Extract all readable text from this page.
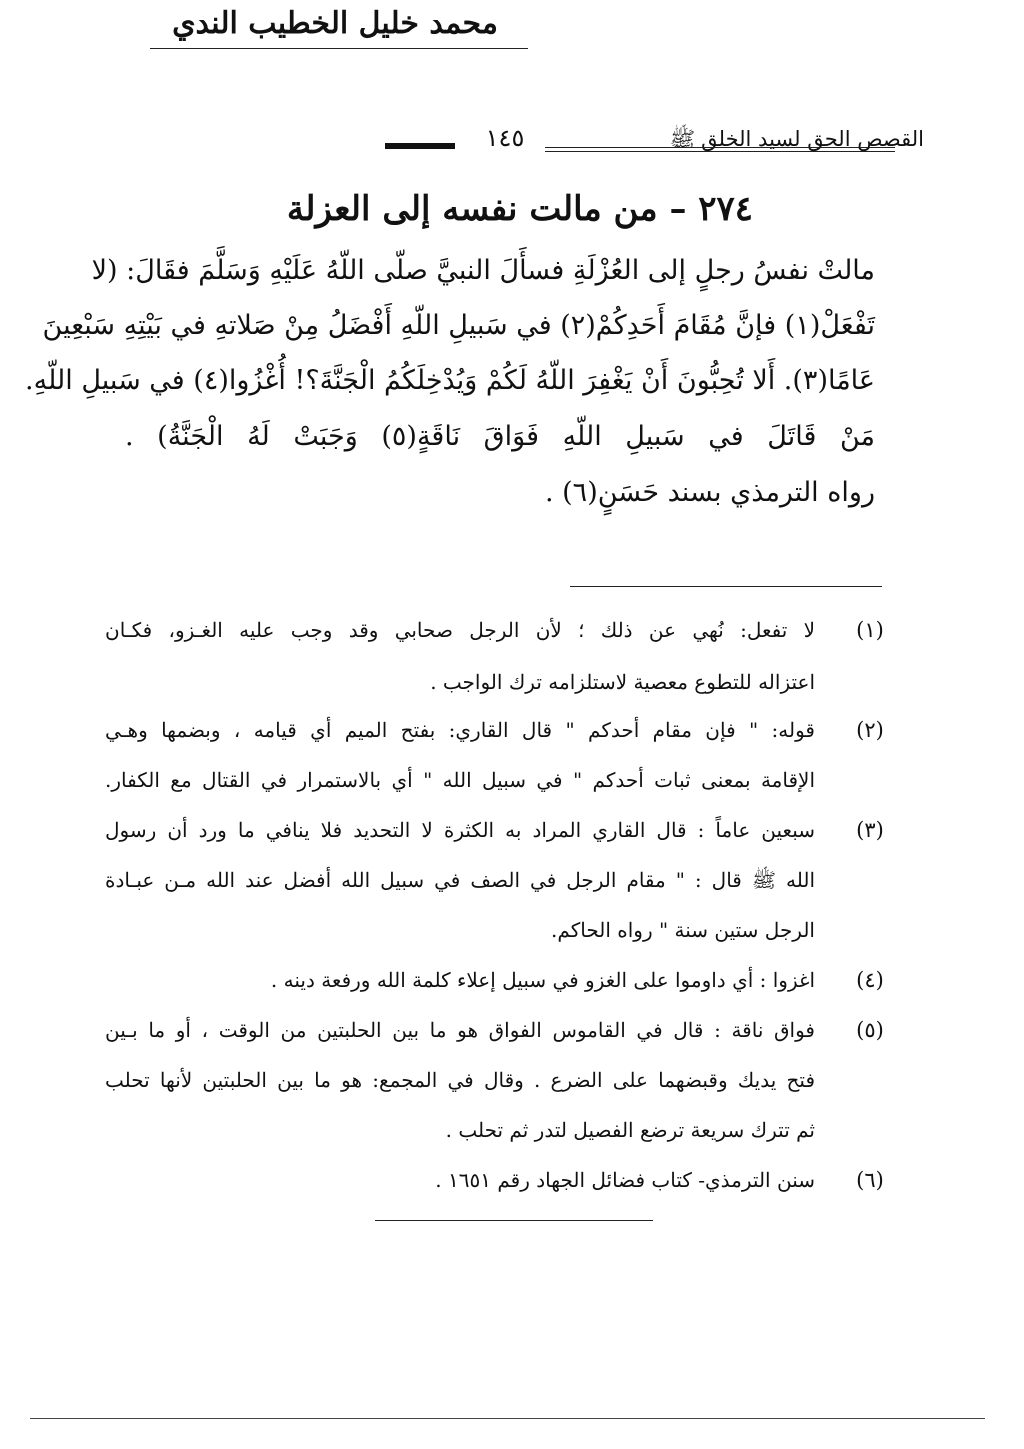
محمد خليل الخطيب الندي
القصص الحق لسيد الخلق
ﷺ
١٤٥
٢٧٤ – من مالت نفسه إلى العزلة
مالتْ نفسُ رجلٍ إلى العُزْلَةِ فسأَلَ النبيَّ صلّى اللّهُ عَلَيْهِ وَسَلَّمَ فقَالَ: (لا
تَفْعَلْ(١) فإنَّ مُقَامَ أَحَدِكُمْ(٢) في سَبيلِ اللّهِ أَفْضَلُ مِنْ صَلاتهِ في بَيْتِهِ سَبْعِينَ
عَامًا(٣). أَلا تُحِبُّونَ أَنْ يَغْفِرَ اللّهُ لَكُمْ وَيُدْخِلَكُمُ الْجَنَّةَ؟! أُغْزُوا(٤) في سَبيلِ اللّهِ.
مَنْ قَاتَلَ في سَبيلِ اللّهِ فَوَاقَ نَاقَةٍ(٥) وَجَبَتْ لَهُ الْجَنَّةُ) .
رواه الترمذي بسند حَسَنٍ(٦) .
(١)
لا تفعل: نُهي عن ذلك ؛ لأن الرجل صحابي وقد وجب عليه الغـزو، فكـان
اعتزاله للتطوع معصية لاستلزامه ترك الواجب .
(٢)
قوله: " فإن مقام أحدكم " قال القاري: بفتح الميم أي قيامه ، وبضمها وهـي
الإقامة بمعنى ثبات أحدكم " في سبيل الله " أي بالاستمرار في القتال مع الكفار.
(٣)
سبعين عاماً : قال القاري المراد به الكثرة لا التحديد فلا ينافي ما ورد أن رسول
الله ﷺ قال : " مقام الرجل في الصف في سبيل الله أفضل عند الله مـن عبـادة
الرجل ستين سنة " رواه الحاكم.
(٤)
اغزوا : أي داوموا على الغزو في سبيل إعلاء كلمة الله ورفعة دينه .
(٥)
فواق ناقة : قال في القاموس الفواق هو ما بين الحلبتين من الوقت ، أو ما بـين
فتح يديك وقبضهما على الضرع . وقال في المجمع: هو ما بين الحلبتين لأنها تحلب
ثم تترك سريعة ترضع الفصيل لتدر ثم تحلب .
(٦)
سنن الترمذي- كتاب فضائل الجهاد رقم ١٦٥١ .
